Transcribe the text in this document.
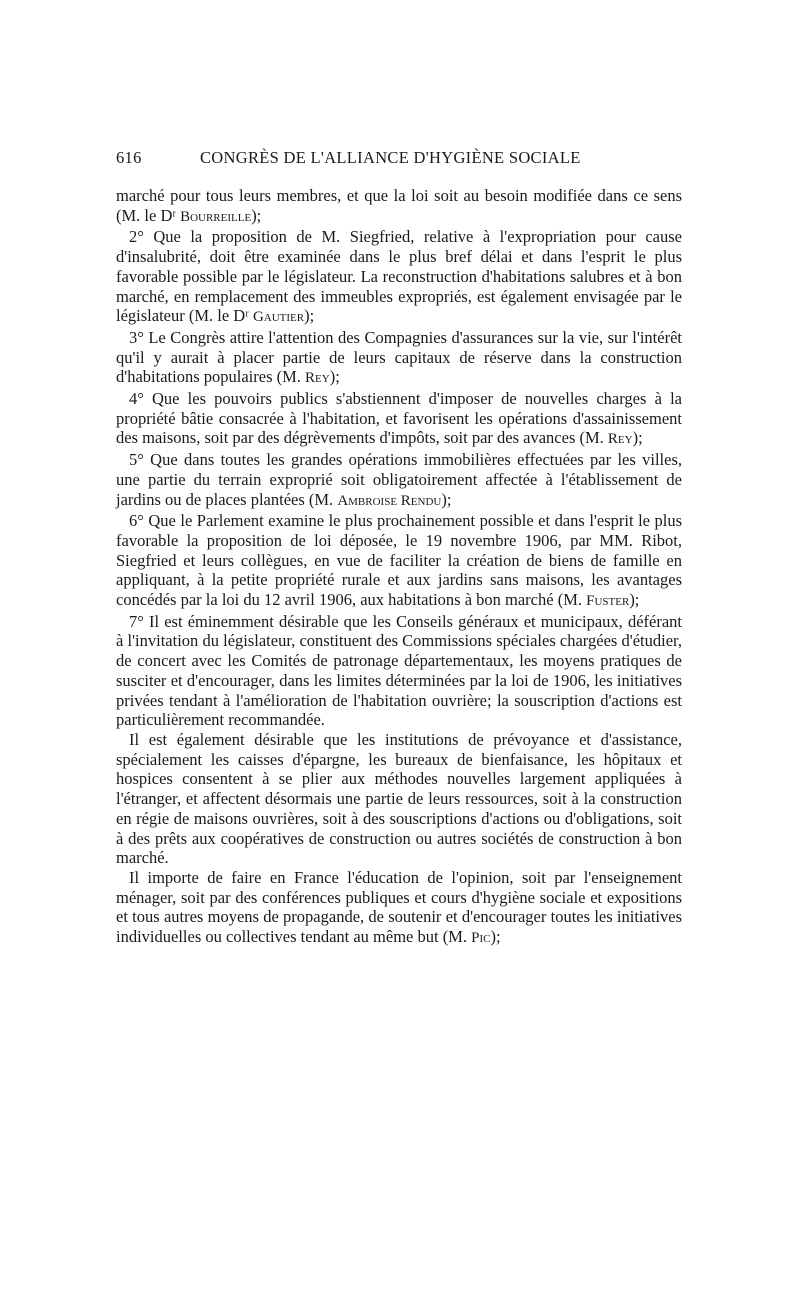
616	CONGRÈS DE L'ALLIANCE D'HYGIÈNE SOCIALE

marché pour tous leurs membres, et que la loi soit au besoin modifiée dans ce sens (M. le Dʳ Bourreille);

2° Que la proposition de M. Siegfried, relative à l'expropriation pour cause d'insalubrité, doit être examinée dans le plus bref délai et dans l'esprit le plus favorable possible par le législateur. La reconstruction d'habitations salubres et à bon marché, en remplacement des immeubles expropriés, est également envisagée par le législateur (M. le Dʳ Gautier);

3° Le Congrès attire l'attention des Compagnies d'assurances sur la vie, sur l'intérêt qu'il y aurait à placer partie de leurs capitaux de réserve dans la construction d'habitations populaires (M. Rey);

4° Que les pouvoirs publics s'abstiennent d'imposer de nouvelles charges à la propriété bâtie consacrée à l'habitation, et favorisent les opérations d'assainissement des maisons, soit par des dégrèvements d'impôts, soit par des avances (M. Rey);

5° Que dans toutes les grandes opérations immobilières effectuées par les villes, une partie du terrain exproprié soit obligatoirement affectée à l'établissement de jardins ou de places plantées (M. Ambroise Rendu);

6° Que le Parlement examine le plus prochainement possible et dans l'esprit le plus favorable la proposition de loi déposée, le 19 novembre 1906, par MM. Ribot, Siegfried et leurs collègues, en vue de faciliter la création de biens de famille en appliquant, à la petite propriété rurale et aux jardins sans maisons, les avantages concédés par la loi du 12 avril 1906, aux habitations à bon marché (M. Fuster);

7° Il est éminemment désirable que les Conseils généraux et municipaux, déférant à l'invitation du législateur, constituent des Commissions spéciales chargées d'étudier, de concert avec les Comités de patronage départementaux, les moyens pratiques de susciter et d'encourager, dans les limites déterminées par la loi de 1906, les initiatives privées tendant à l'amélioration de l'habitation ouvrière; la souscription d'actions est particulièrement recommandée.

Il est également désirable que les institutions de prévoyance et d'assistance, spécialement les caisses d'épargne, les bureaux de bienfaisance, les hôpitaux et hospices consentent à se plier aux méthodes nouvelles largement appliquées à l'étranger, et affectent désormais une partie de leurs ressources, soit à la construction en régie de maisons ouvrières, soit à des souscriptions d'actions ou d'obligations, soit à des prêts aux coopératives de construction ou autres sociétés de construction à bon marché.

Il importe de faire en France l'éducation de l'opinion, soit par l'enseignement ménager, soit par des conférences publiques et cours d'hygiène sociale et expositions et tous autres moyens de propagande, de soutenir et d'encourager toutes les initiatives individuelles ou collectives tendant au même but (M. Pic);
